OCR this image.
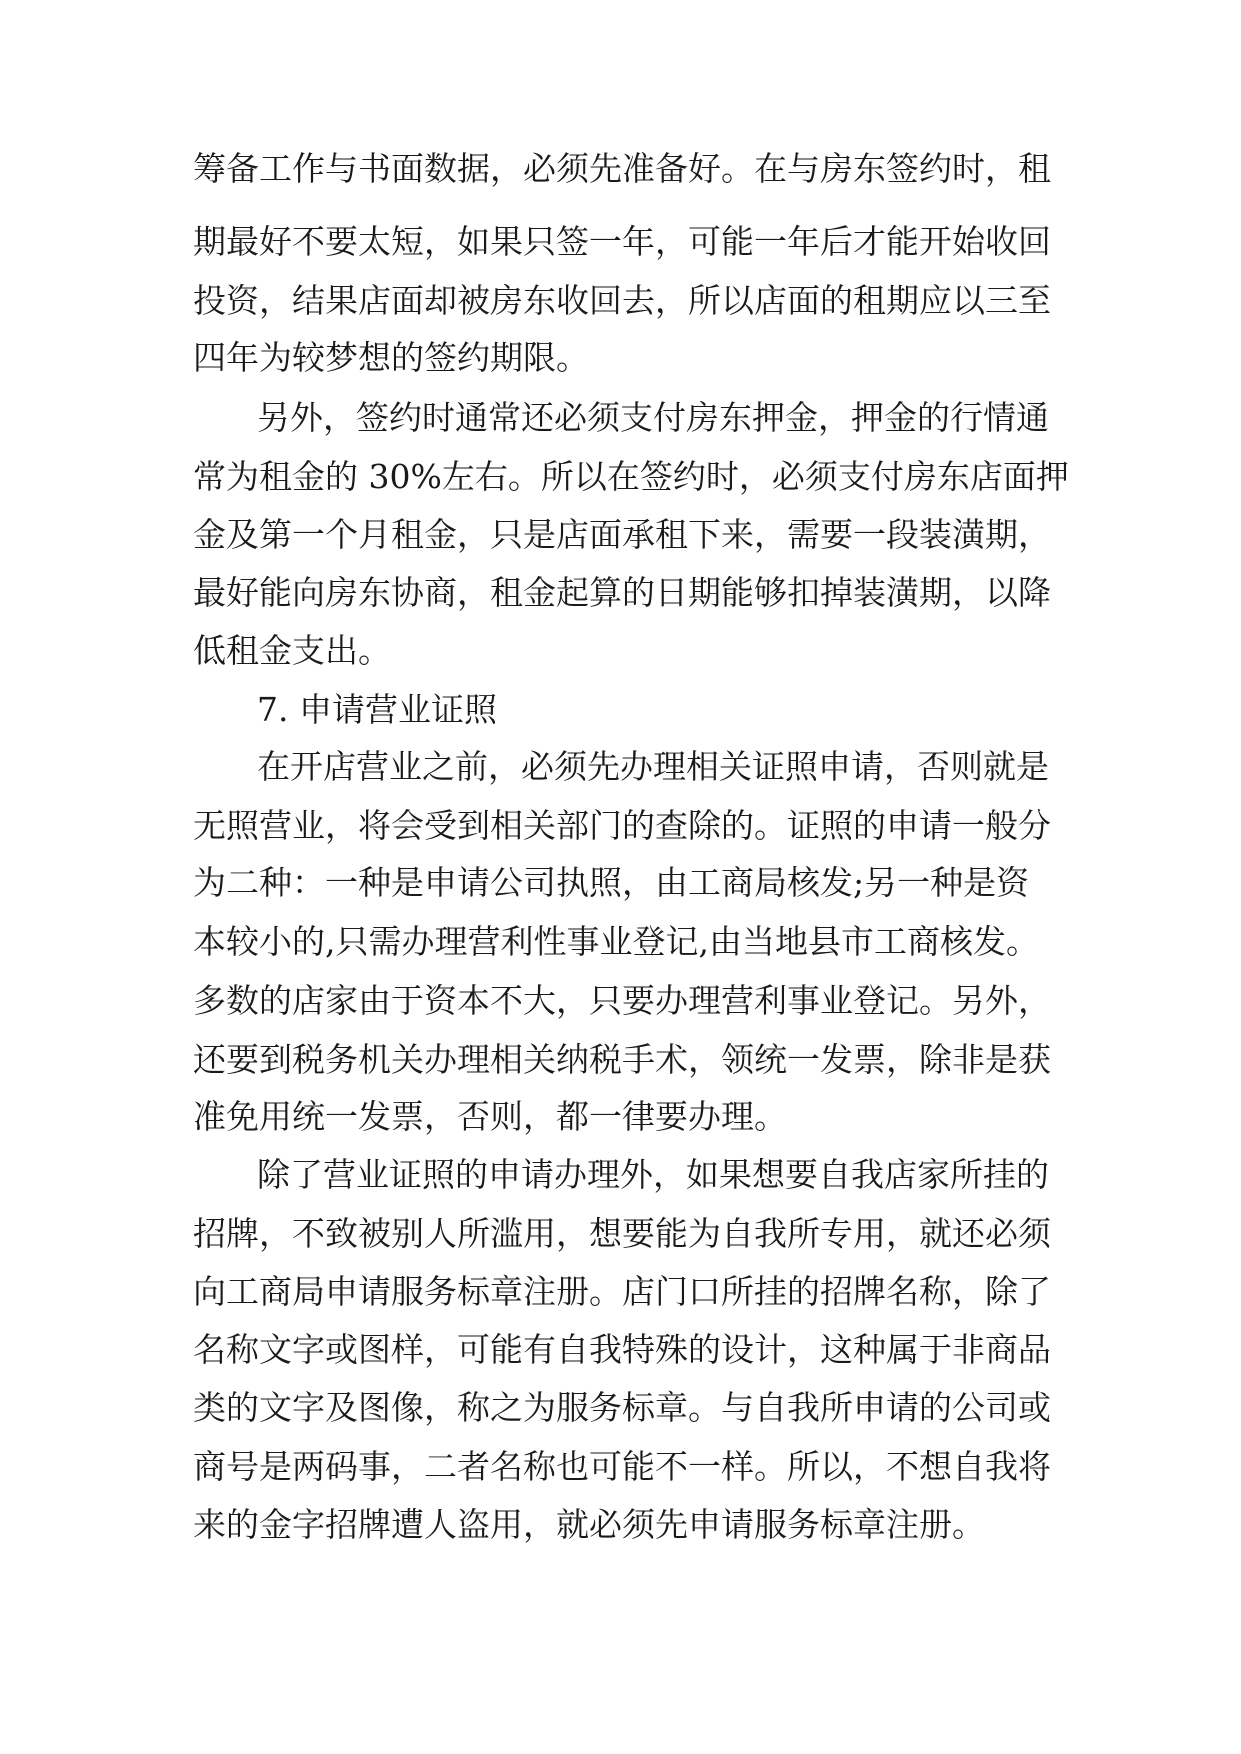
筹备工作与书面数据，必须先准备好。在与房东签约时，租
期最好不要太短，如果只签一年，可能一年后才能开始收回
投资，结果店面却被房东收回去，所以店面的租期应以三至
四年为较梦想的签约期限。
另外，签约时通常还必须支付房东押金，押金的行情通
常为租金的 30%左右。所以在签约时，必须支付房东店面押
金及第一个月租金，只是店面承租下来，需要一段装潢期，
最好能向房东协商，租金起算的日期能够扣掉装潢期，以降
低租金支出。
7. 申请营业证照
在开店营业之前，必须先办理相关证照申请，否则就是
无照营业，将会受到相关部门的查除的。证照的申请一般分
为二种：一种是申请公司执照，由工商局核发;另一种是资
本较小的,只需办理营利性事业登记,由当地县市工商核发。
多数的店家由于资本不大，只要办理营利事业登记。另外，
还要到税务机关办理相关纳税手术，领统一发票，除非是获
准免用统一发票，否则，都一律要办理。
除了营业证照的申请办理外，如果想要自我店家所挂的
招牌，不致被别人所滥用，想要能为自我所专用，就还必须
向工商局申请服务标章注册。店门口所挂的招牌名称，除了
名称文字或图样，可能有自我特殊的设计，这种属于非商品
类的文字及图像，称之为服务标章。与自我所申请的公司或
商号是两码事，二者名称也可能不一样。所以，不想自我将
来的金字招牌遭人盗用，就必须先申请服务标章注册。
